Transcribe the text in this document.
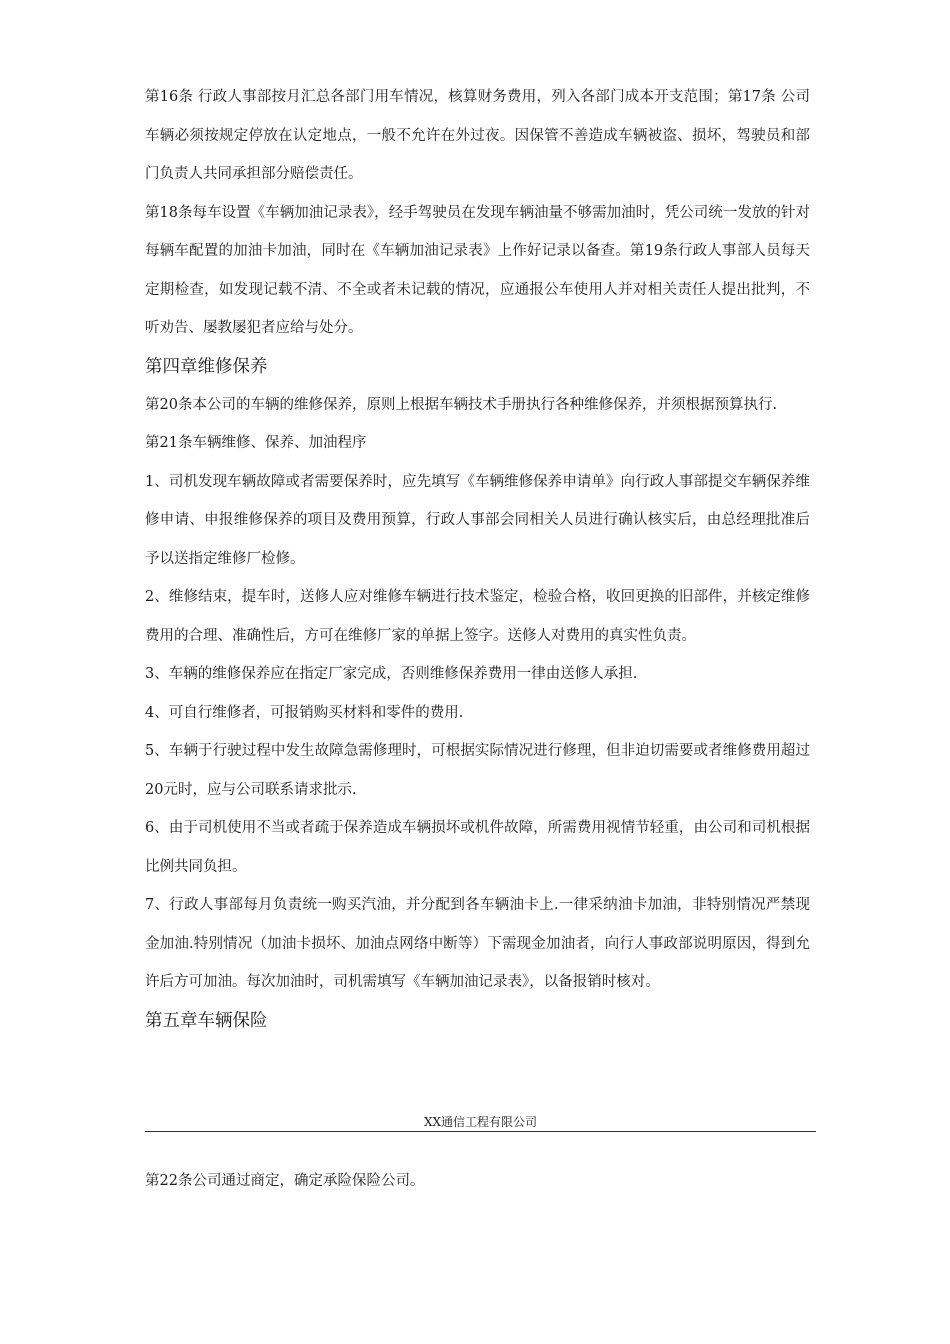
第16条 行政人事部按月汇总各部门用车情况，核算财务费用，列入各部门成本开支范围；第17条 公司车辆必须按规定停放在认定地点，一般不允许在外过夜。因保管不善造成车辆被盗、损坏，驾驶员和部门负责人共同承担部分赔偿责任。

第18条每车设置《车辆加油记录表》，经手驾驶员在发现车辆油量不够需加油时，凭公司统一发放的针对每辆车配置的加油卡加油，同时在《车辆加油记录表》上作好记录以备查。第19条行政人事部人员每天定期检查，如发现记载不清、不全或者未记载的情况，应通报公车使用人并对相关责任人提出批判，不听劝告、屡教屡犯者应给与处分。

第四章维修保养

第20条本公司的车辆的维修保养，原则上根据车辆技术手册执行各种维修保养，并须根据预算执行.

第21条车辆维修、保养、加油程序

1、司机发现车辆故障或者需要保养时，应先填写《车辆维修保养申请单》向行政人事部提交车辆保养维修申请、申报维修保养的项目及费用预算，行政人事部会同相关人员进行确认核实后，由总经理批准后予以送指定维修厂检修。

2、维修结束，提车时，送修人应对维修车辆进行技术鉴定，检验合格，收回更换的旧部件，并核定维修费用的合理、准确性后，方可在维修厂家的单据上签字。送修人对费用的真实性负责。

3、车辆的维修保养应在指定厂家完成，否则维修保养费用一律由送修人承担.

4、可自行维修者，可报销购买材料和零件的费用.

5、车辆于行驶过程中发生故障急需修理时，可根据实际情况进行修理，但非迫切需要或者维修费用超过20元时，应与公司联系请求批示.

6、由于司机使用不当或者疏于保养造成车辆损坏或机件故障，所需费用视情节轻重，由公司和司机根据比例共同负担。

7、行政人事部每月负责统一购买汽油，并分配到各车辆油卡上.一律采纳油卡加油，非特别情况严禁现金加油.特别情况（加油卡损坏、加油点网络中断等）下需现金加油者，向行人事政部说明原因，得到允许后方可加油。每次加油时，司机需填写《车辆加油记录表》，以备报销时核对。

第五章车辆保险
XX通信工程有限公司

第22条公司通过商定，确定承险保险公司。
